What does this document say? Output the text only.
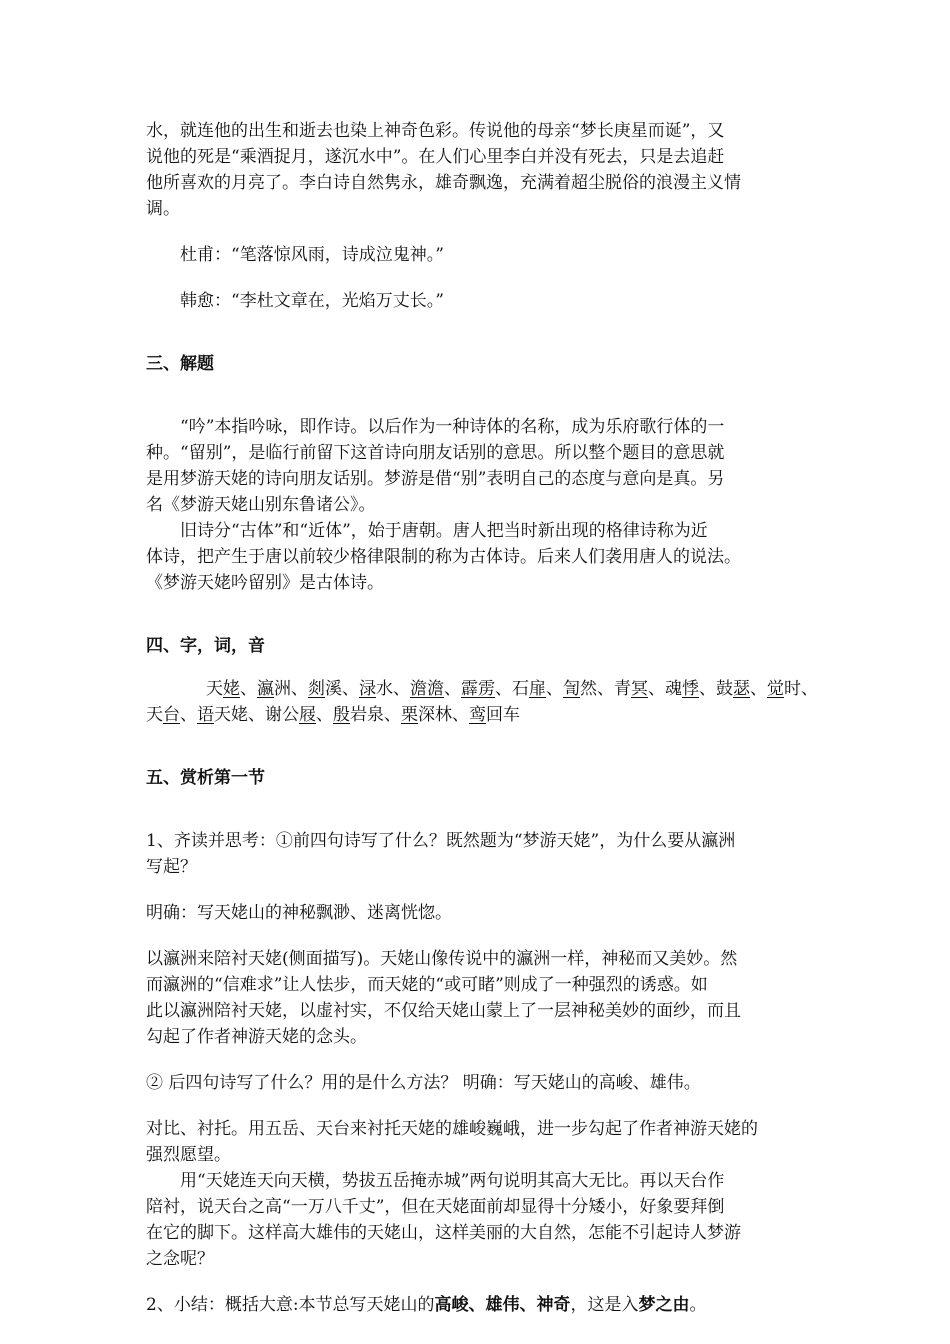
水，就连他的出生和逝去也染上神奇色彩。传说他的母亲“梦长庚星而诞”，又

说他的死是“乘酒捉月，遂沉水中”。在人们心里李白并没有死去，只是去追赶

他所喜欢的月亮了。李白诗自然隽永，雄奇飘逸，充满着超尘脱俗的浪漫主义情

调。

杜甫：“笔落惊风雨，诗成泣鬼神。”

韩愈：“李杜文章在，光焰万丈长。”

三、解题

“吟”本指吟咏，即作诗。以后作为一种诗体的名称，成为乐府歌行体的一

种。“留别”，是临行前留下这首诗向朋友话别的意思。所以整个题目的意思就

是用梦游天姥的诗向朋友话别。梦游是借“别”表明自己的态度与意向是真。另

名《梦游天姥山别东鲁诸公》。

旧诗分“古体”和“近体”，始于唐朝。唐人把当时新出现的格律诗称为近

体诗，把产生于唐以前较少格律限制的称为古体诗。后来人们袭用唐人的说法。

《梦游天姥吟留别》是古体诗。

四、字，词，音

天姥、瀛洲、剡溪、渌水、澹澹、霹雳、石扉、訇然、青冥、魂悸、鼓瑟、觉时、

天台、语天姥、谢公屐、殷岩泉、栗深林、鸾回车

五、赏析第一节

1、齐读并思考：①前四句诗写了什么？既然题为“梦游天姥”，为什么要从瀛洲

写起？

明确：写天姥山的神秘飘渺、迷离恍惚。

以瀛洲来陪衬天姥(侧面描写)。天姥山像传说中的瀛洲一样，神秘而又美妙。然

而瀛洲的“信难求”让人怯步，而天姥的“或可睹”则成了一种强烈的诱惑。如

此以瀛洲陪衬天姥，以虚衬实，不仅给天姥山蒙上了一层神秘美妙的面纱，而且

勾起了作者神游天姥的念头。

② 后四句诗写了什么？用的是什么方法？ 明确：写天姥山的高峻、雄伟。

对比、衬托。用五岳、天台来衬托天姥的雄峻巍峨，进一步勾起了作者神游天姥的

强烈愿望。

用“天姥连天向天横，势拔五岳掩赤城”两句说明其高大无比。再以天台作

陪衬，说天台之高“一万八千丈”，但在天姥面前却显得十分矮小，好象要拜倒

在它的脚下。这样高大雄伟的天姥山，这样美丽的大自然，怎能不引起诗人梦游

之念呢？

2、小结：概括大意:本节总写天姥山的高峻、雄伟、神奇，这是入梦之由。
